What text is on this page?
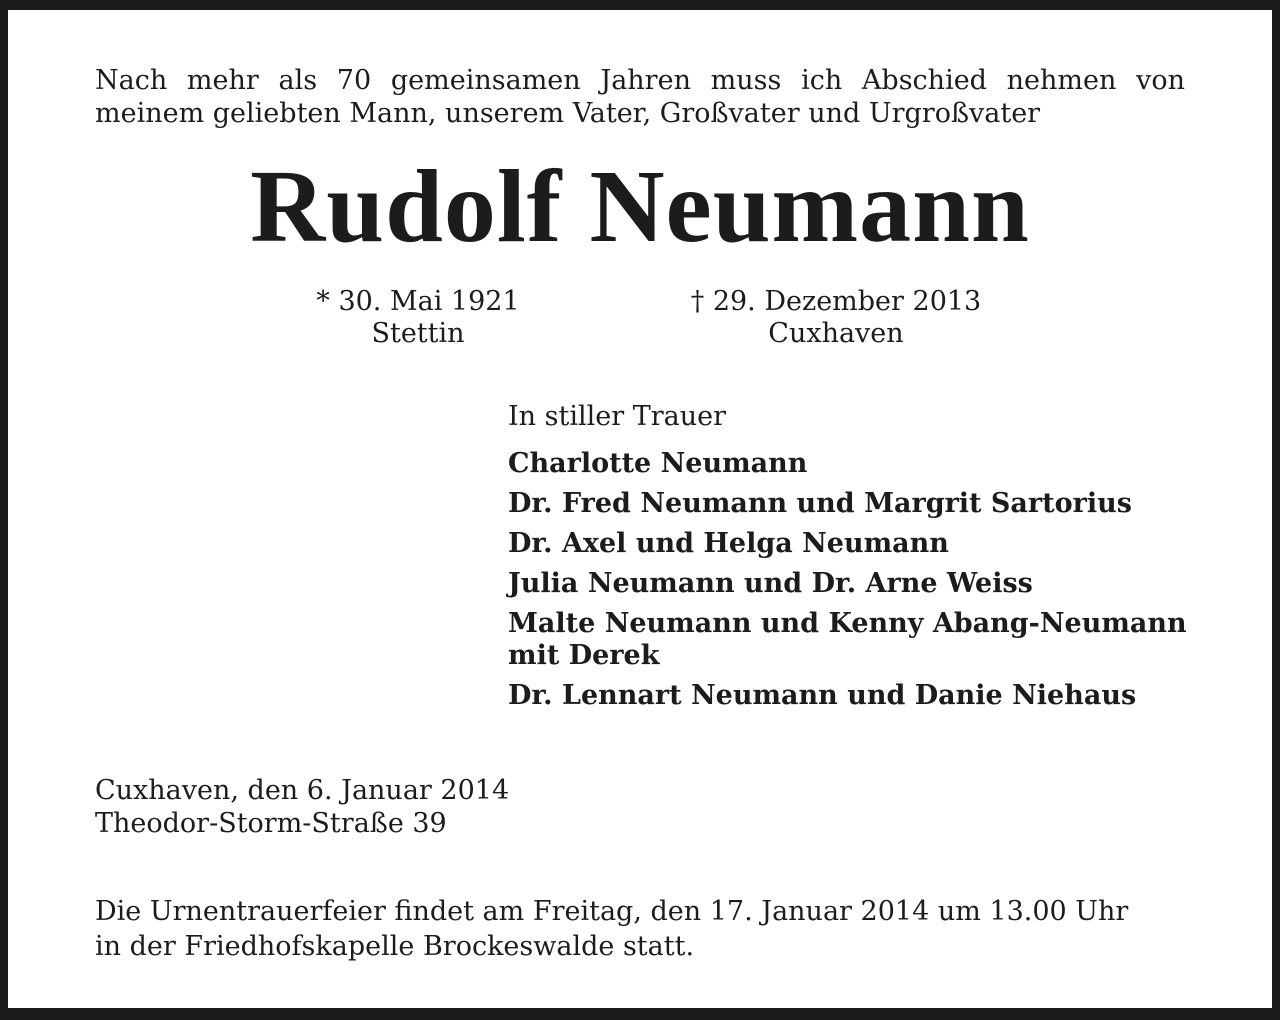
Nach mehr als 70 gemeinsamen Jahren muss ich Abschied nehmen von
meinem geliebten Mann, unserem Vater, Großvater und Urgroßvater
Rudolf Neumann
* 30. Mai 1921
Stettin
† 29. Dezember 2013
Cuxhaven
In stiller Trauer
Charlotte Neumann
Dr. Fred Neumann und Margrit Sartorius
Dr. Axel und Helga Neumann
Julia Neumann und Dr. Arne Weiss
Malte Neumann und Kenny Abang-Neumann
mit Derek
Dr. Lennart Neumann und Danie Niehaus
Cuxhaven, den 6. Januar 2014
Theodor-Storm-Straße 39
Die Urnentrauerfeier findet am Freitag, den 17. Januar 2014 um 13.00 Uhr
in der Friedhofskapelle Brockeswalde statt.
